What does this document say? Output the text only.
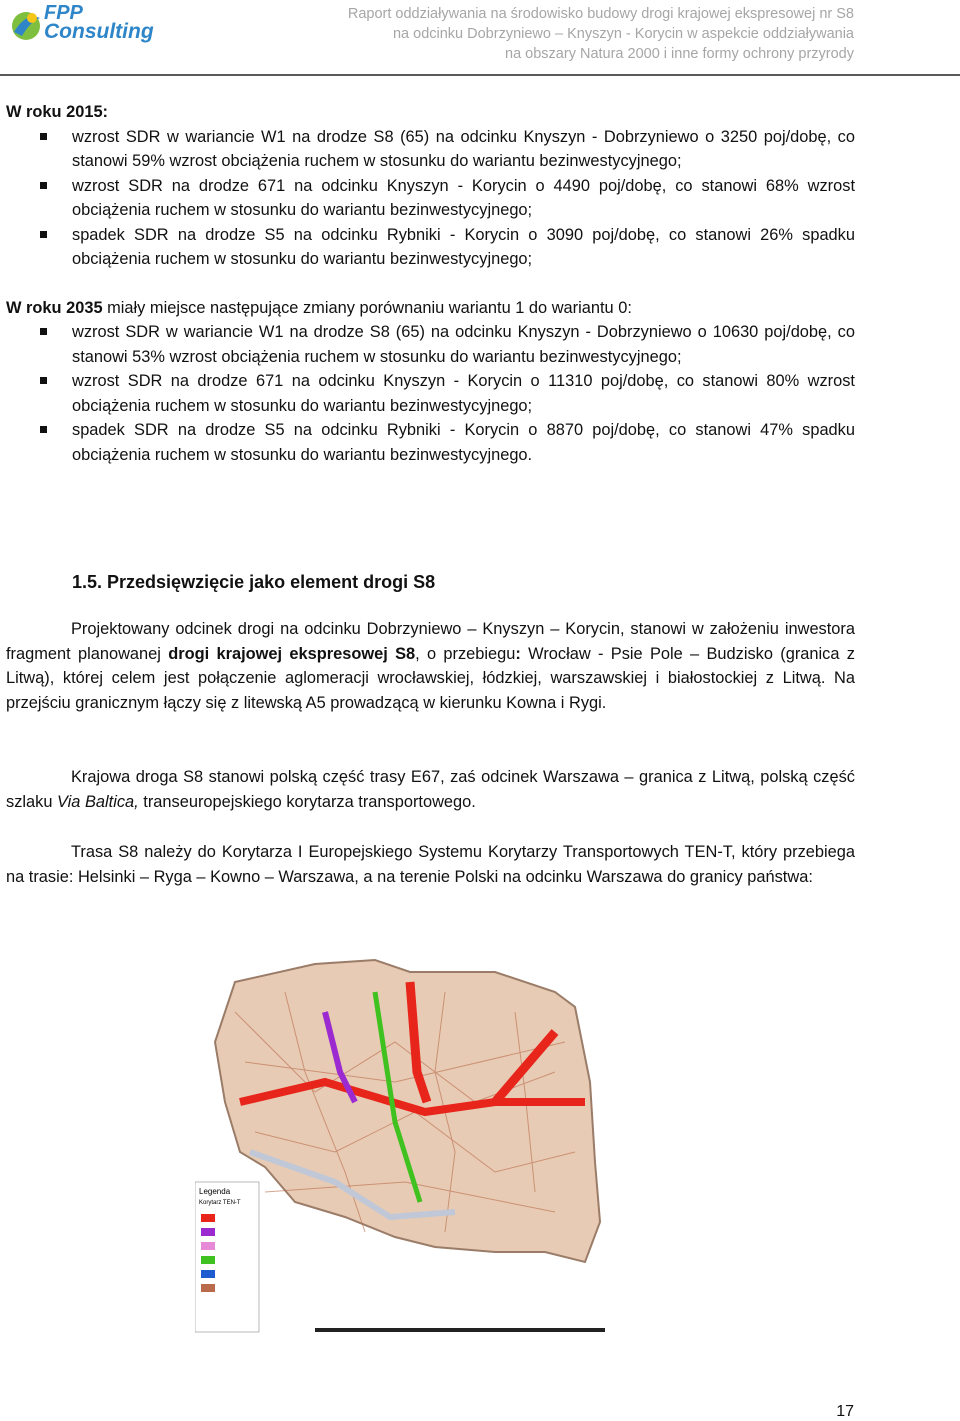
FPP
Consulting
Raport oddziaływania na środowisko budowy drogi krajowej ekspresowej nr S8
na odcinku Dobrzyniewo – Knyszyn - Korycin w aspekcie oddziaływania
na obszary Natura 2000 i inne formy ochrony przyrody
W roku 2015:
wzrost SDR w wariancie W1 na drodze S8 (65) na odcinku Knyszyn - Dobrzyniewo o 3250 poj/dobę, co stanowi 59% wzrost obciążenia ruchem w stosunku do wariantu bezinwestycyjnego;
wzrost SDR na drodze 671 na odcinku Knyszyn - Korycin o 4490 poj/dobę, co stanowi 68% wzrost obciążenia ruchem w stosunku do wariantu bezinwestycyjnego;
spadek SDR na drodze S5 na odcinku Rybniki - Korycin o 3090 poj/dobę, co stanowi 26% spadku obciążenia ruchem w stosunku do wariantu bezinwestycyjnego;
W roku 2035 miały miejsce następujące zmiany porównaniu wariantu 1 do wariantu 0:
wzrost SDR w wariancie W1 na drodze S8 (65) na odcinku Knyszyn - Dobrzyniewo o 10630 poj/dobę, co stanowi 53% wzrost obciążenia ruchem w stosunku do wariantu bezinwestycyjnego;
wzrost SDR na drodze 671 na odcinku Knyszyn - Korycin o 11310 poj/dobę, co stanowi 80% wzrost obciążenia ruchem w stosunku do wariantu bezinwestycyjnego;
spadek SDR na drodze S5 na odcinku Rybniki - Korycin o 8870 poj/dobę, co stanowi 47% spadku obciążenia ruchem w stosunku do wariantu bezinwestycyjnego.
1.5. Przedsięwzięcie jako element drogi S8
Projektowany odcinek drogi na odcinku Dobrzyniewo – Knyszyn – Korycin, stanowi w założeniu inwestora fragment planowanej drogi krajowej ekspresowej S8, o przebiegu: Wrocław - Psie Pole – Budzisko (granica z Litwą), której celem jest połączenie aglomeracji wrocławskiej, łódzkiej, warszawskiej i białostockiej z Litwą. Na przejściu granicznym łączy się z litewską A5 prowadzącą w kierunku Kowna i Rygi.
Krajowa droga S8 stanowi polską część trasy E67, zaś odcinek Warszawa – granica z Litwą, polską część szlaku Via Baltica, transeuropejskiego korytarza transportowego.
Trasa S8 należy do Korytarza I Europejskiego Systemu Korytarzy Transportowych TEN-T, który przebiega na trasie: Helsinki – Ryga – Kowno – Warszawa, a na terenie Polski na odcinku Warszawa do granicy państwa:
Legenda
Korytarz TEN-T
17
